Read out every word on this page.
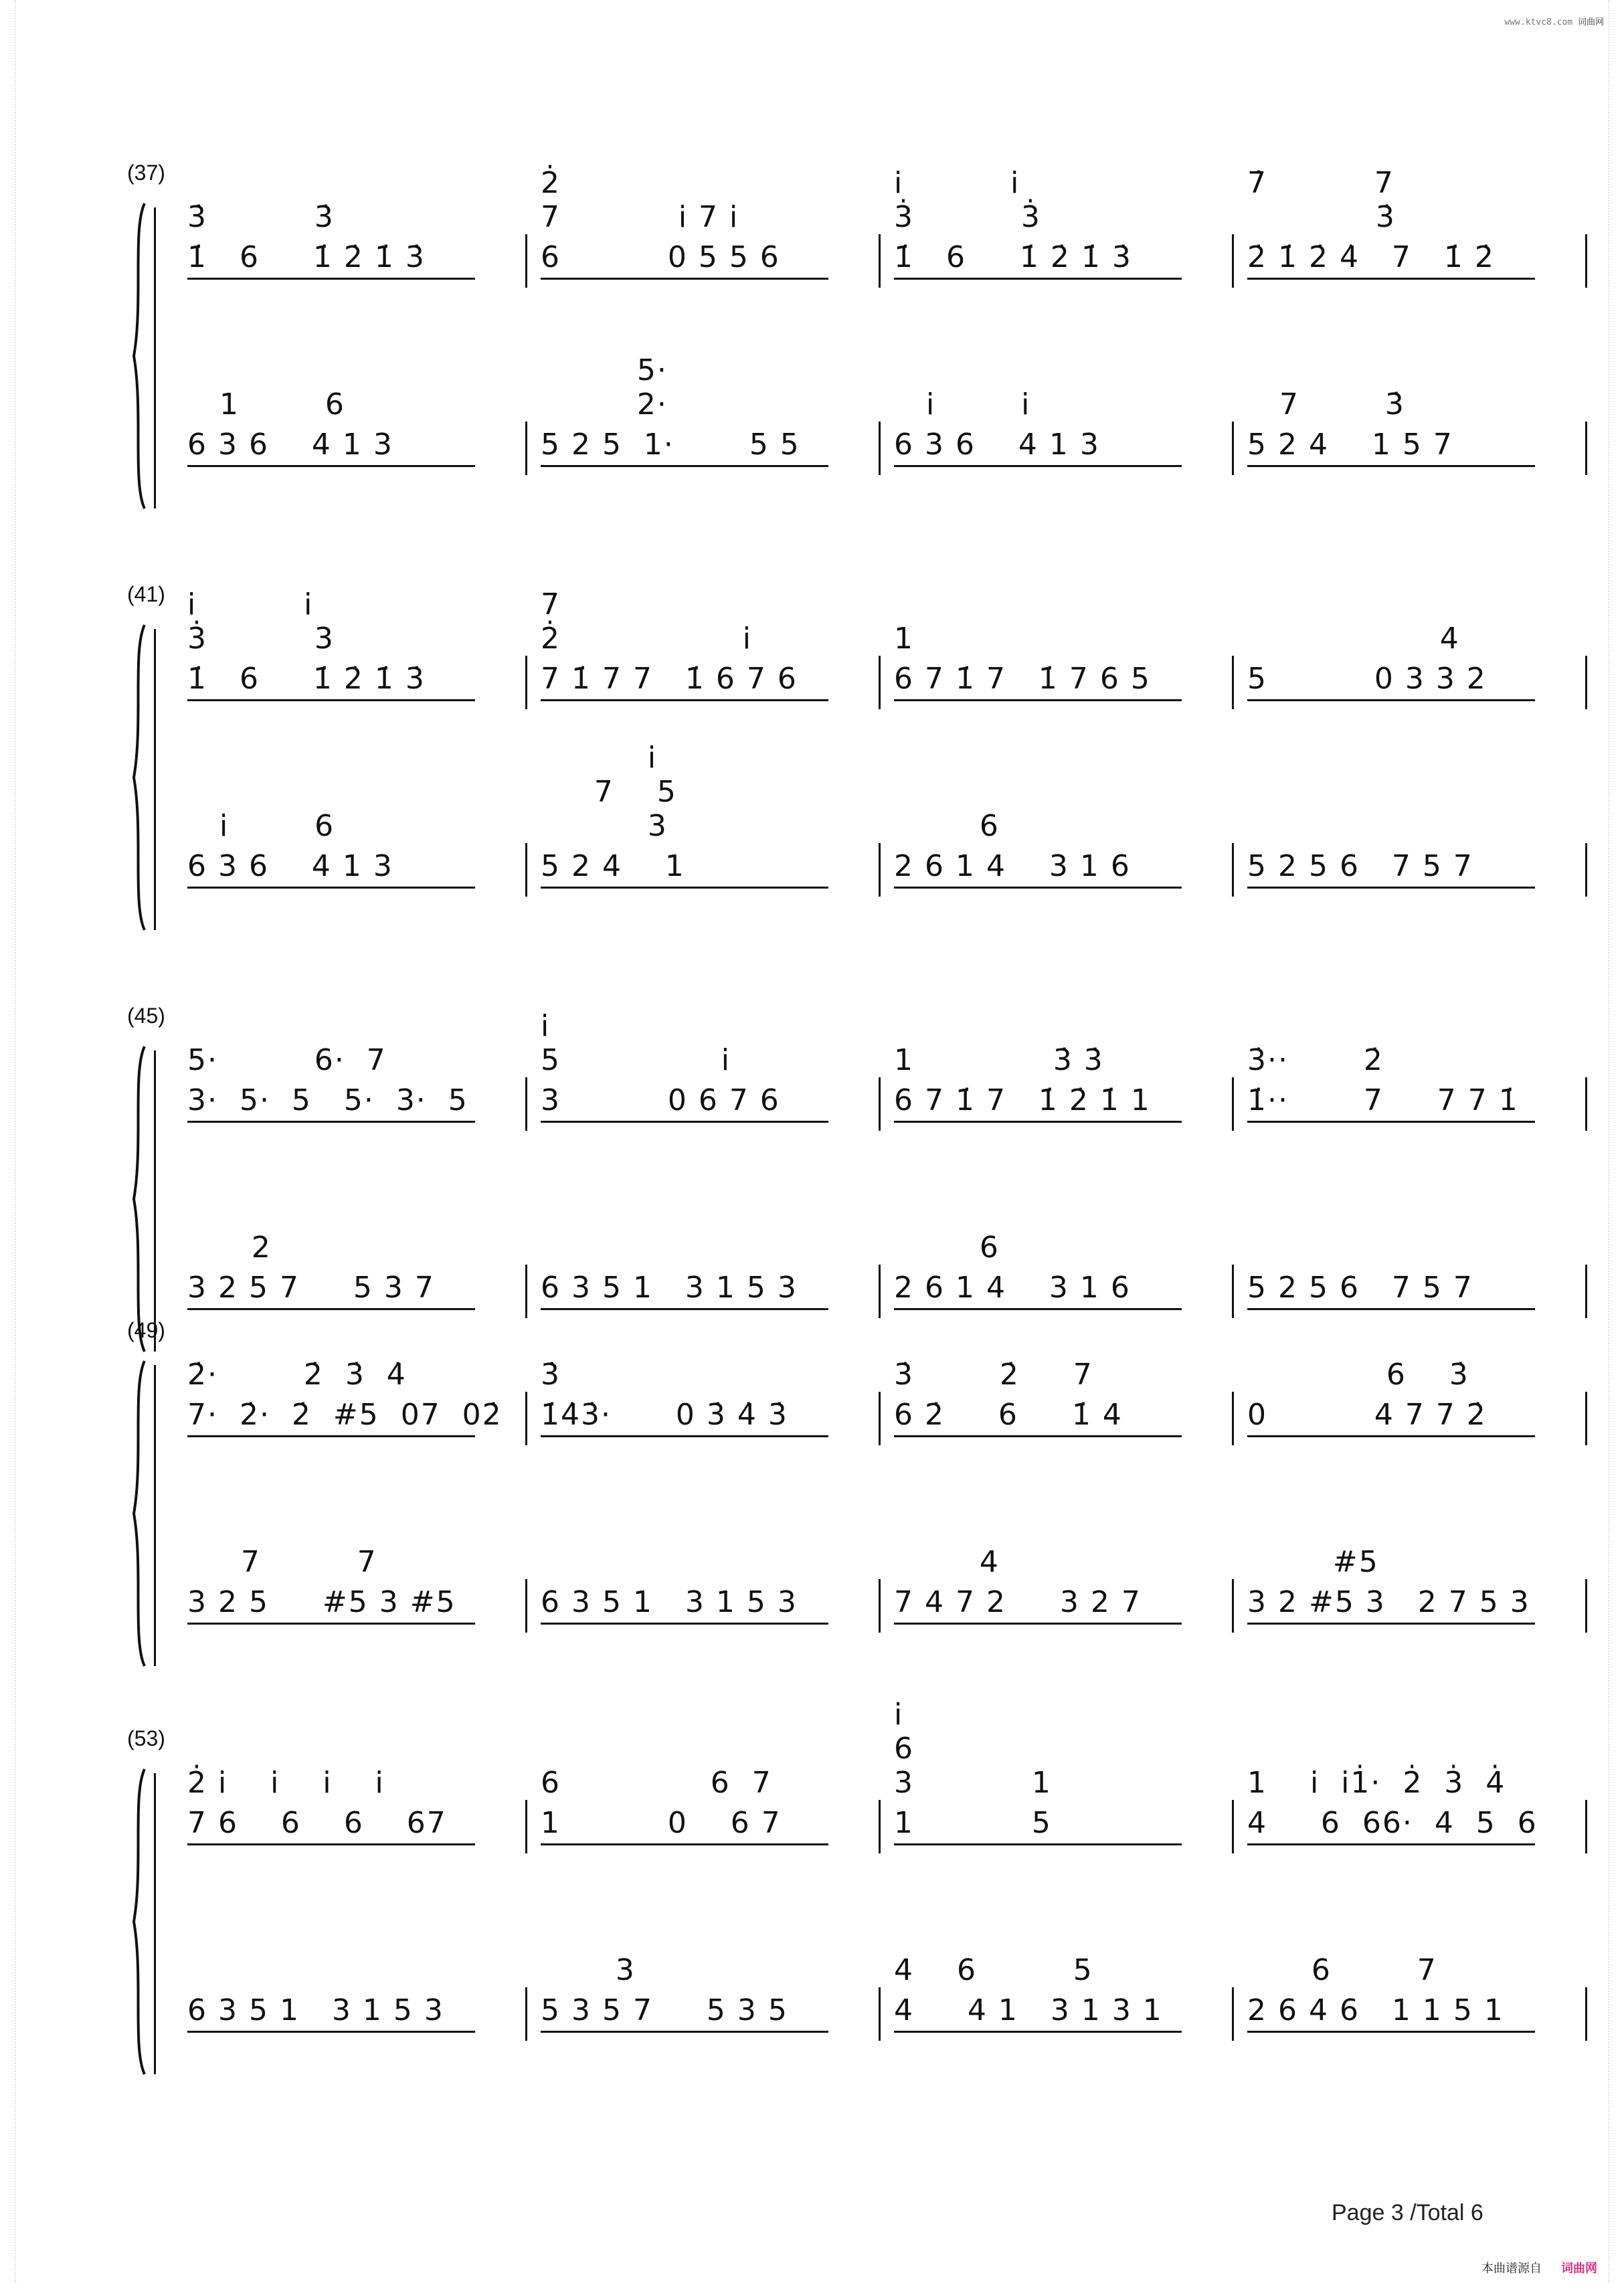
www.ktvc8.com 词曲网
(37)
3̇          3̇
1̇   6     1̇ 2̇ 1̇ 3̇
2̇
7           i 7 i
6          0 5 5 6
i          i
3̇          3̇
1̇   6     1̇ 2̇ 1̇ 3̇
7̇          7
3̇
2̇ 1̇ 2̇ 4̇   7   1̇ 2̇
1        6
6 3 6    4 1 3
5·
2·
5 2 5  1·       5 5
i        i
6 3 6    4 1 3
7        3̇
5 2 4    1 5 7
(41) i          i
3̇          3
1̇   6     1̇ 2̇ 1̇ 3̇
7
2̇                 i
7 1̇ 7 7   1̇ 6 7 6
1
6 7 1̇ 7   1̇ 7 6 5
4
5          0 3 3 2
i        6
6 3 6    4 1 3
i
7    5
3
5 2 4    1
6
2 6 1 4    3 1 6	5 2 5 6   7 5 7
(45)
5·         6·  7
3·  5·  5   5·  3·  5
i
5               i
3          0 6 7 6
1             3̇ 3̇
6 7 1̇ 7   1̇ 2̇ 1̇ 1
3̇··       2̇
1̇··       7     7 7 1̇
2
3 2 5 7     5 3 7	6 3 5 1   3 1 5 3
6
2 6 1 4    3 1 6	5 2 5 6   7 5 7
(49)
2̇·        2̇  3̇  4̇
7·  2̇·  2̇  #5  07  02̇
3̇
1̇4̇3̇·      0 3̇ 4̇ 3̇
3̇        2̇     7
6 2̇     6     1̇ 4
6    3̇
0          4 7 7 2̇
7         7
3 2 5     #5 3 #5	6 3 5 1   3 1 5 3
4
7 4 7 2     3 2 7
#5
3 2 #5 3   2 7 5 3
(53)
2̇ i    i    i    i
7 6    6    6    67
6              6  7
1          0    6 7
i
6
3           1
1           5
1    i  i1̇·  2̇  3̇  4̇
4     6  66·  4  5  6
6 3 5 1   3 1 5 3
3
5 3 5 7     5 3 5
4    6         5
4     4 1   3 1 3 1
6        7
2 6 4 6   1 1 5 1
Page 3 /Total 6
本曲谱源自 词曲网
